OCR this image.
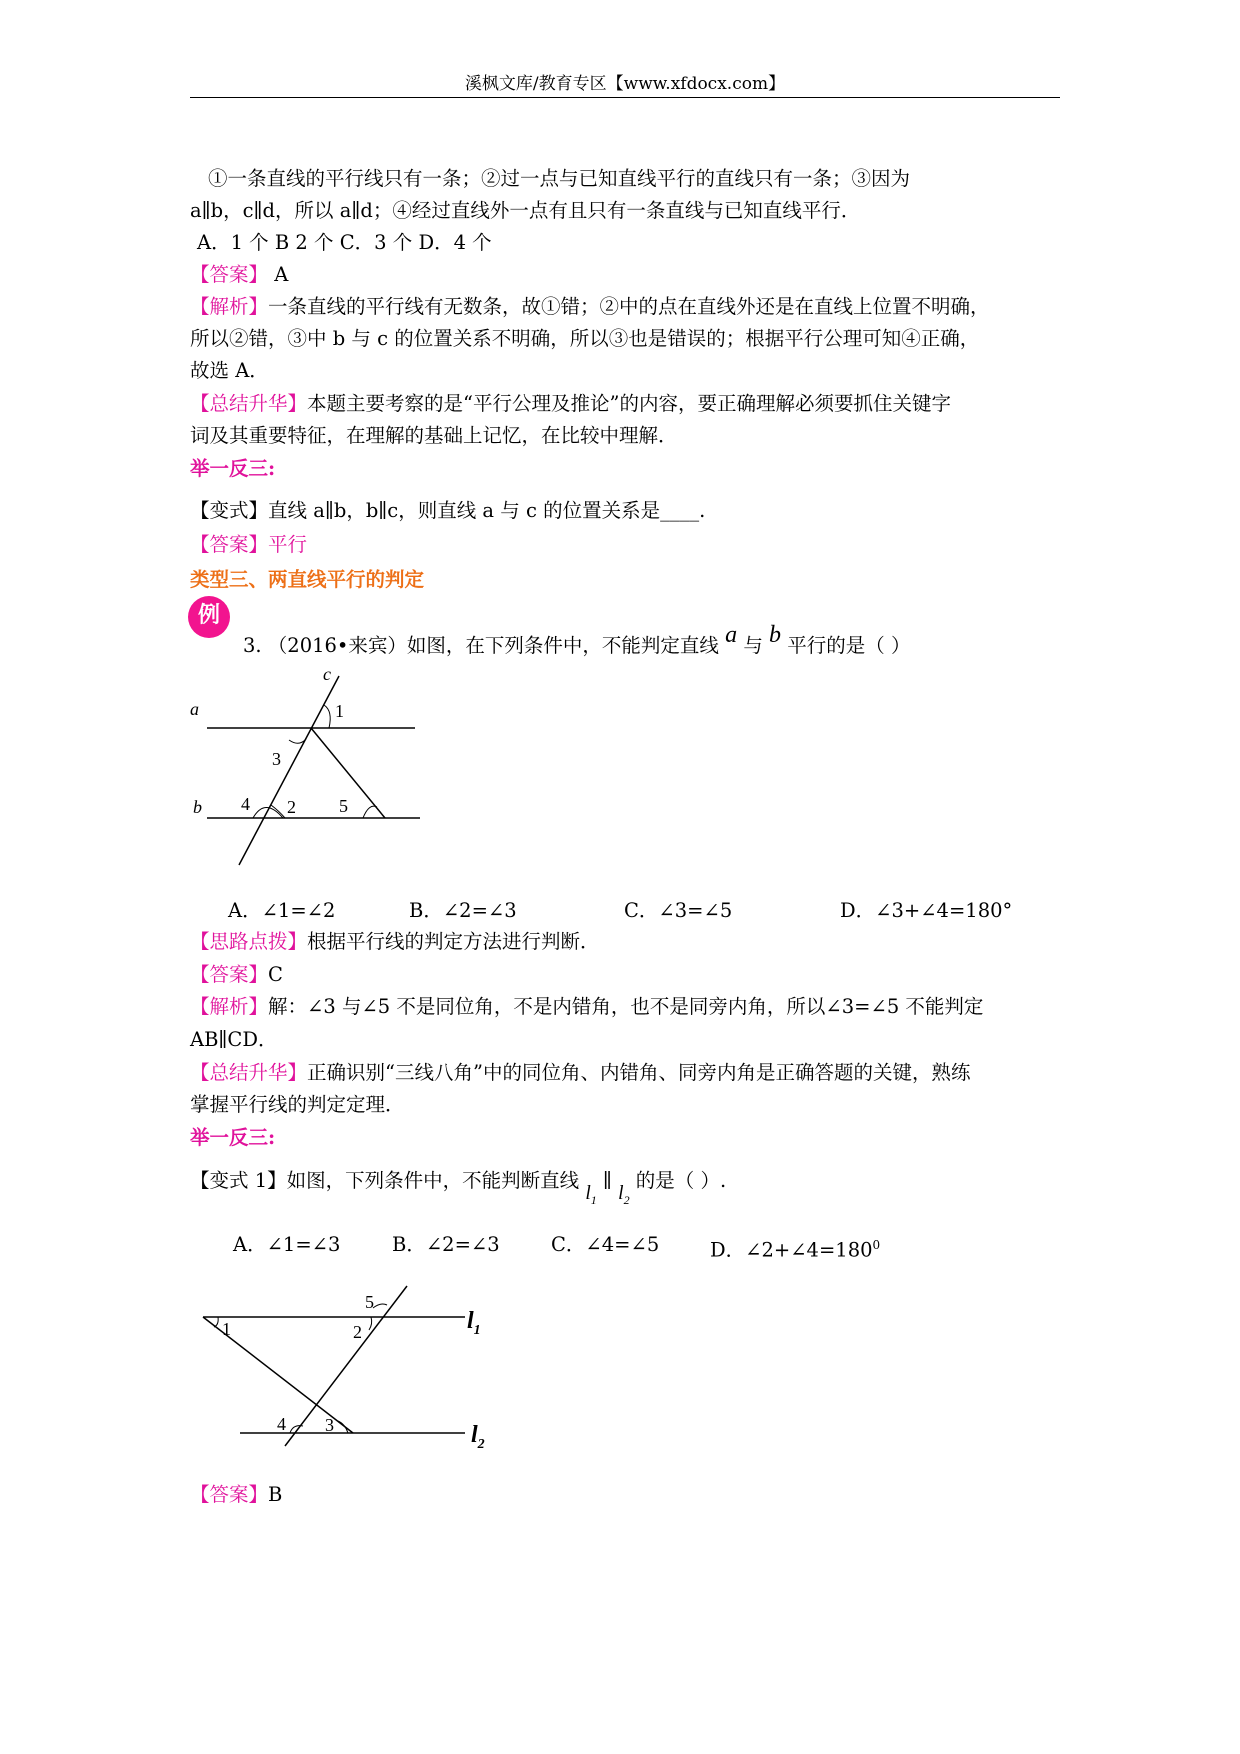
溪枫文库/教育专区【www.xfdocx.com】
①一条直线的平行线只有一条；②过一点与已知直线平行的直线只有一条；③因为
a∥b，c∥d，所以 a∥d；④经过直线外一点有且只有一条直线与已知直线平行．
A．1 个 B 2 个 C．3 个 D．4 个
【答案】 A
【解析】一条直线的平行线有无数条，故①错；②中的点在直线外还是在直线上位置不明确，
所以②错，③中 b 与 c 的位置关系不明确，所以③也是错误的；根据平行公理可知④正确，
故选 A．
【总结升华】本题主要考察的是“平行公理及推论”的内容，要正确理解必须要抓住关键字
词及其重要特征，在理解的基础上记忆，在比较中理解．
举一反三:
【变式】直线 a∥b，b∥c，则直线 a 与 c 的位置关系是____.
【答案】平行
类型三、两直线平行的判定
例
3. （2016•来宾）如图，在下列条件中，不能判定直线 a 与 b 平行的是（ ）
a
b
c
1
3
4 2 5
A．∠1=∠2	B．∠2=∠3	C．∠3=∠5	D．∠3+∠4=180°
【思路点拨】根据平行线的判定方法进行判断．
【答案】C
【解析】解：∠3 与∠5 不是同位角，不是内错角，也不是同旁内角，所以∠3=∠5 不能判定
AB∥CD．
【总结升华】正确识别“三线八角”中的同位角、内错角、同旁内角是正确答题的关键，熟练
掌握平行线的判定定理．
举一反三:
【变式 1】如图，下列条件中，不能判断直线 $l_1$ ∥ $l_2$ 的是（ ）.
A．∠1=∠3	B．∠2=∠3	C．∠4=∠5	D．$\angle 2+\angle 4=180^0$
1	2
5
4 3
$l_1$
$l_2$
【答案】B
